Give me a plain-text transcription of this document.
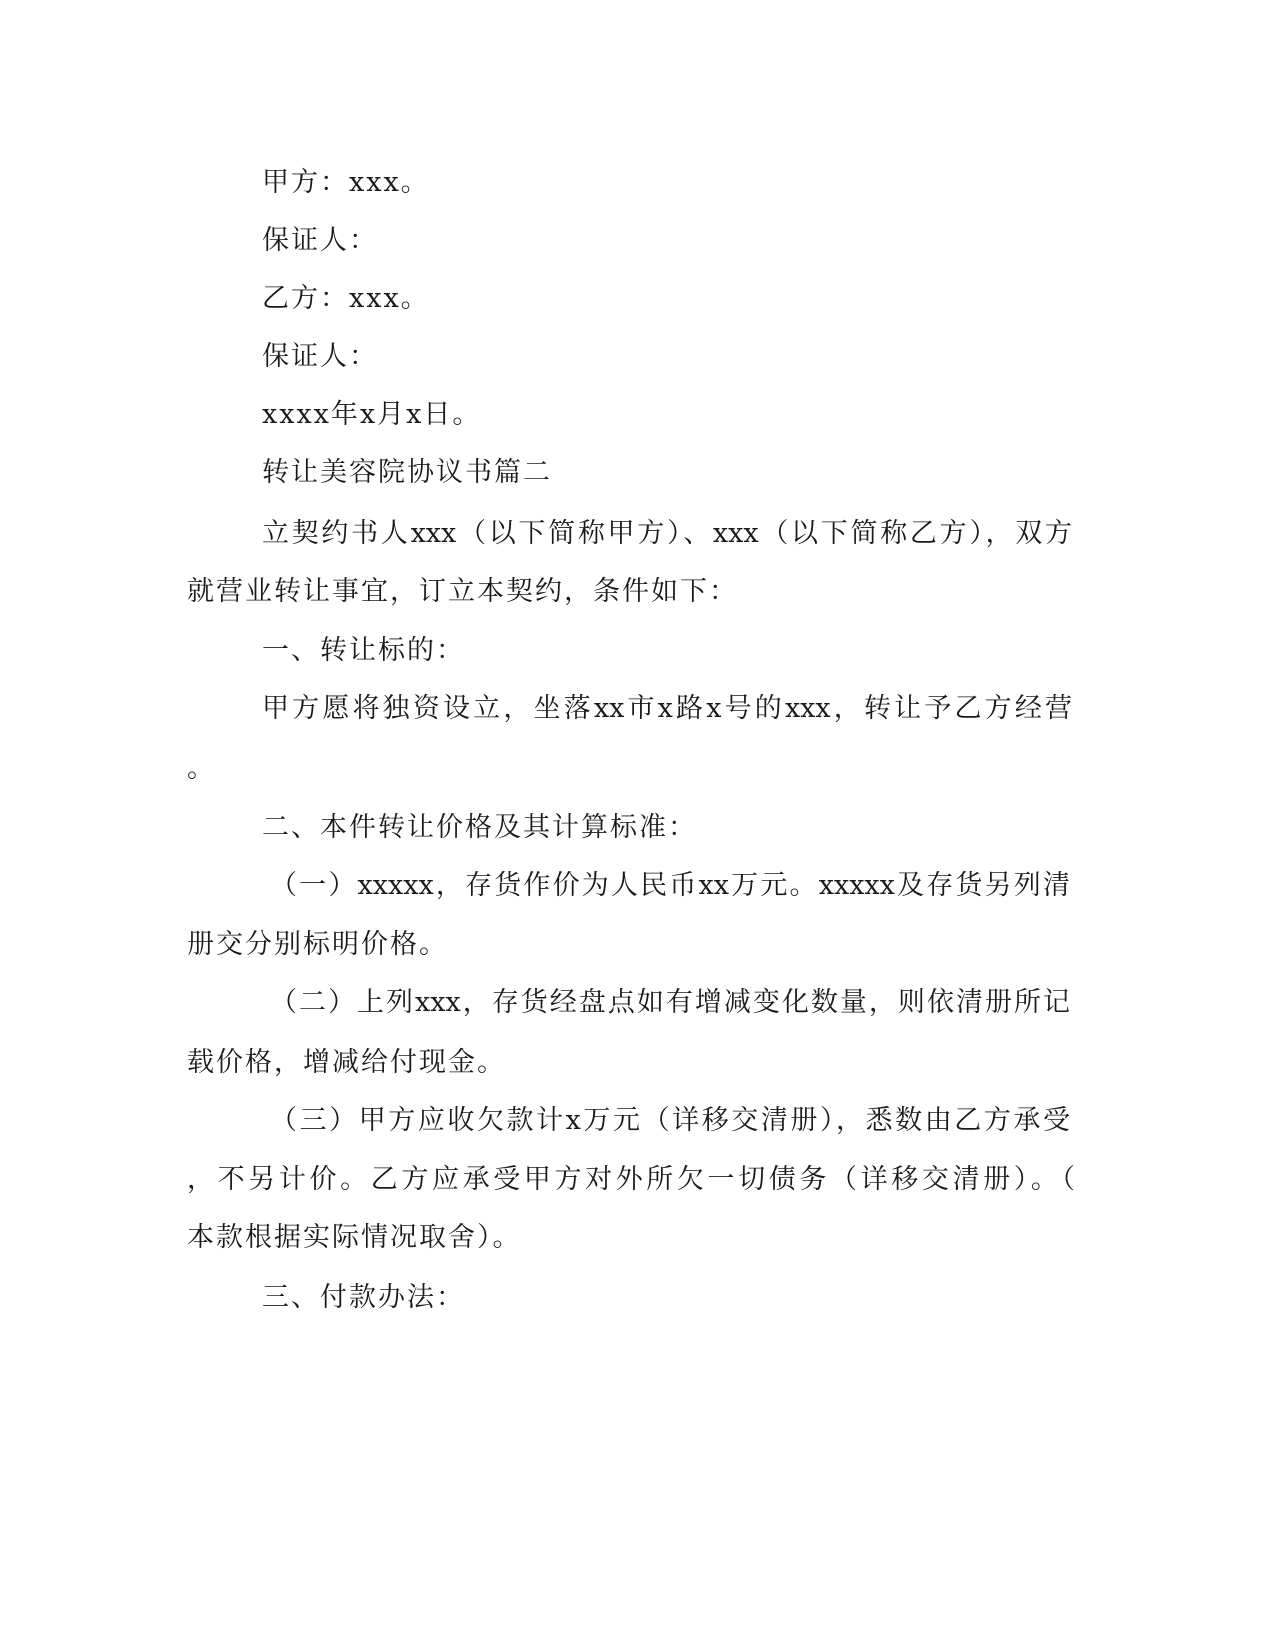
甲方：xxx。

保证人：

乙方：xxx。

保证人：

xxxx年x月x日。

转让美容院协议书篇二

立契约书人xxx（以下简称甲方）、xxx（以下简称乙方），双方

就营业转让事宜，订立本契约，条件如下：

一、转让标的：

甲方愿将独资设立，坐落xx市x路x号的xxx，转让予乙方经营

。

二、本件转让价格及其计算标准：

（一）xxxxx，存货作价为人民币xx万元。xxxxx及存货另列清

册交分别标明价格。

（二）上列xxx，存货经盘点如有增减变化数量，则依清册所记

载价格，增减给付现金。

（三）甲方应收欠款计x万元（详移交清册），悉数由乙方承受

，不另计价。乙方应承受甲方对外所欠一切债务（详移交清册）。（

本款根据实际情况取舍）。

三、付款办法：
